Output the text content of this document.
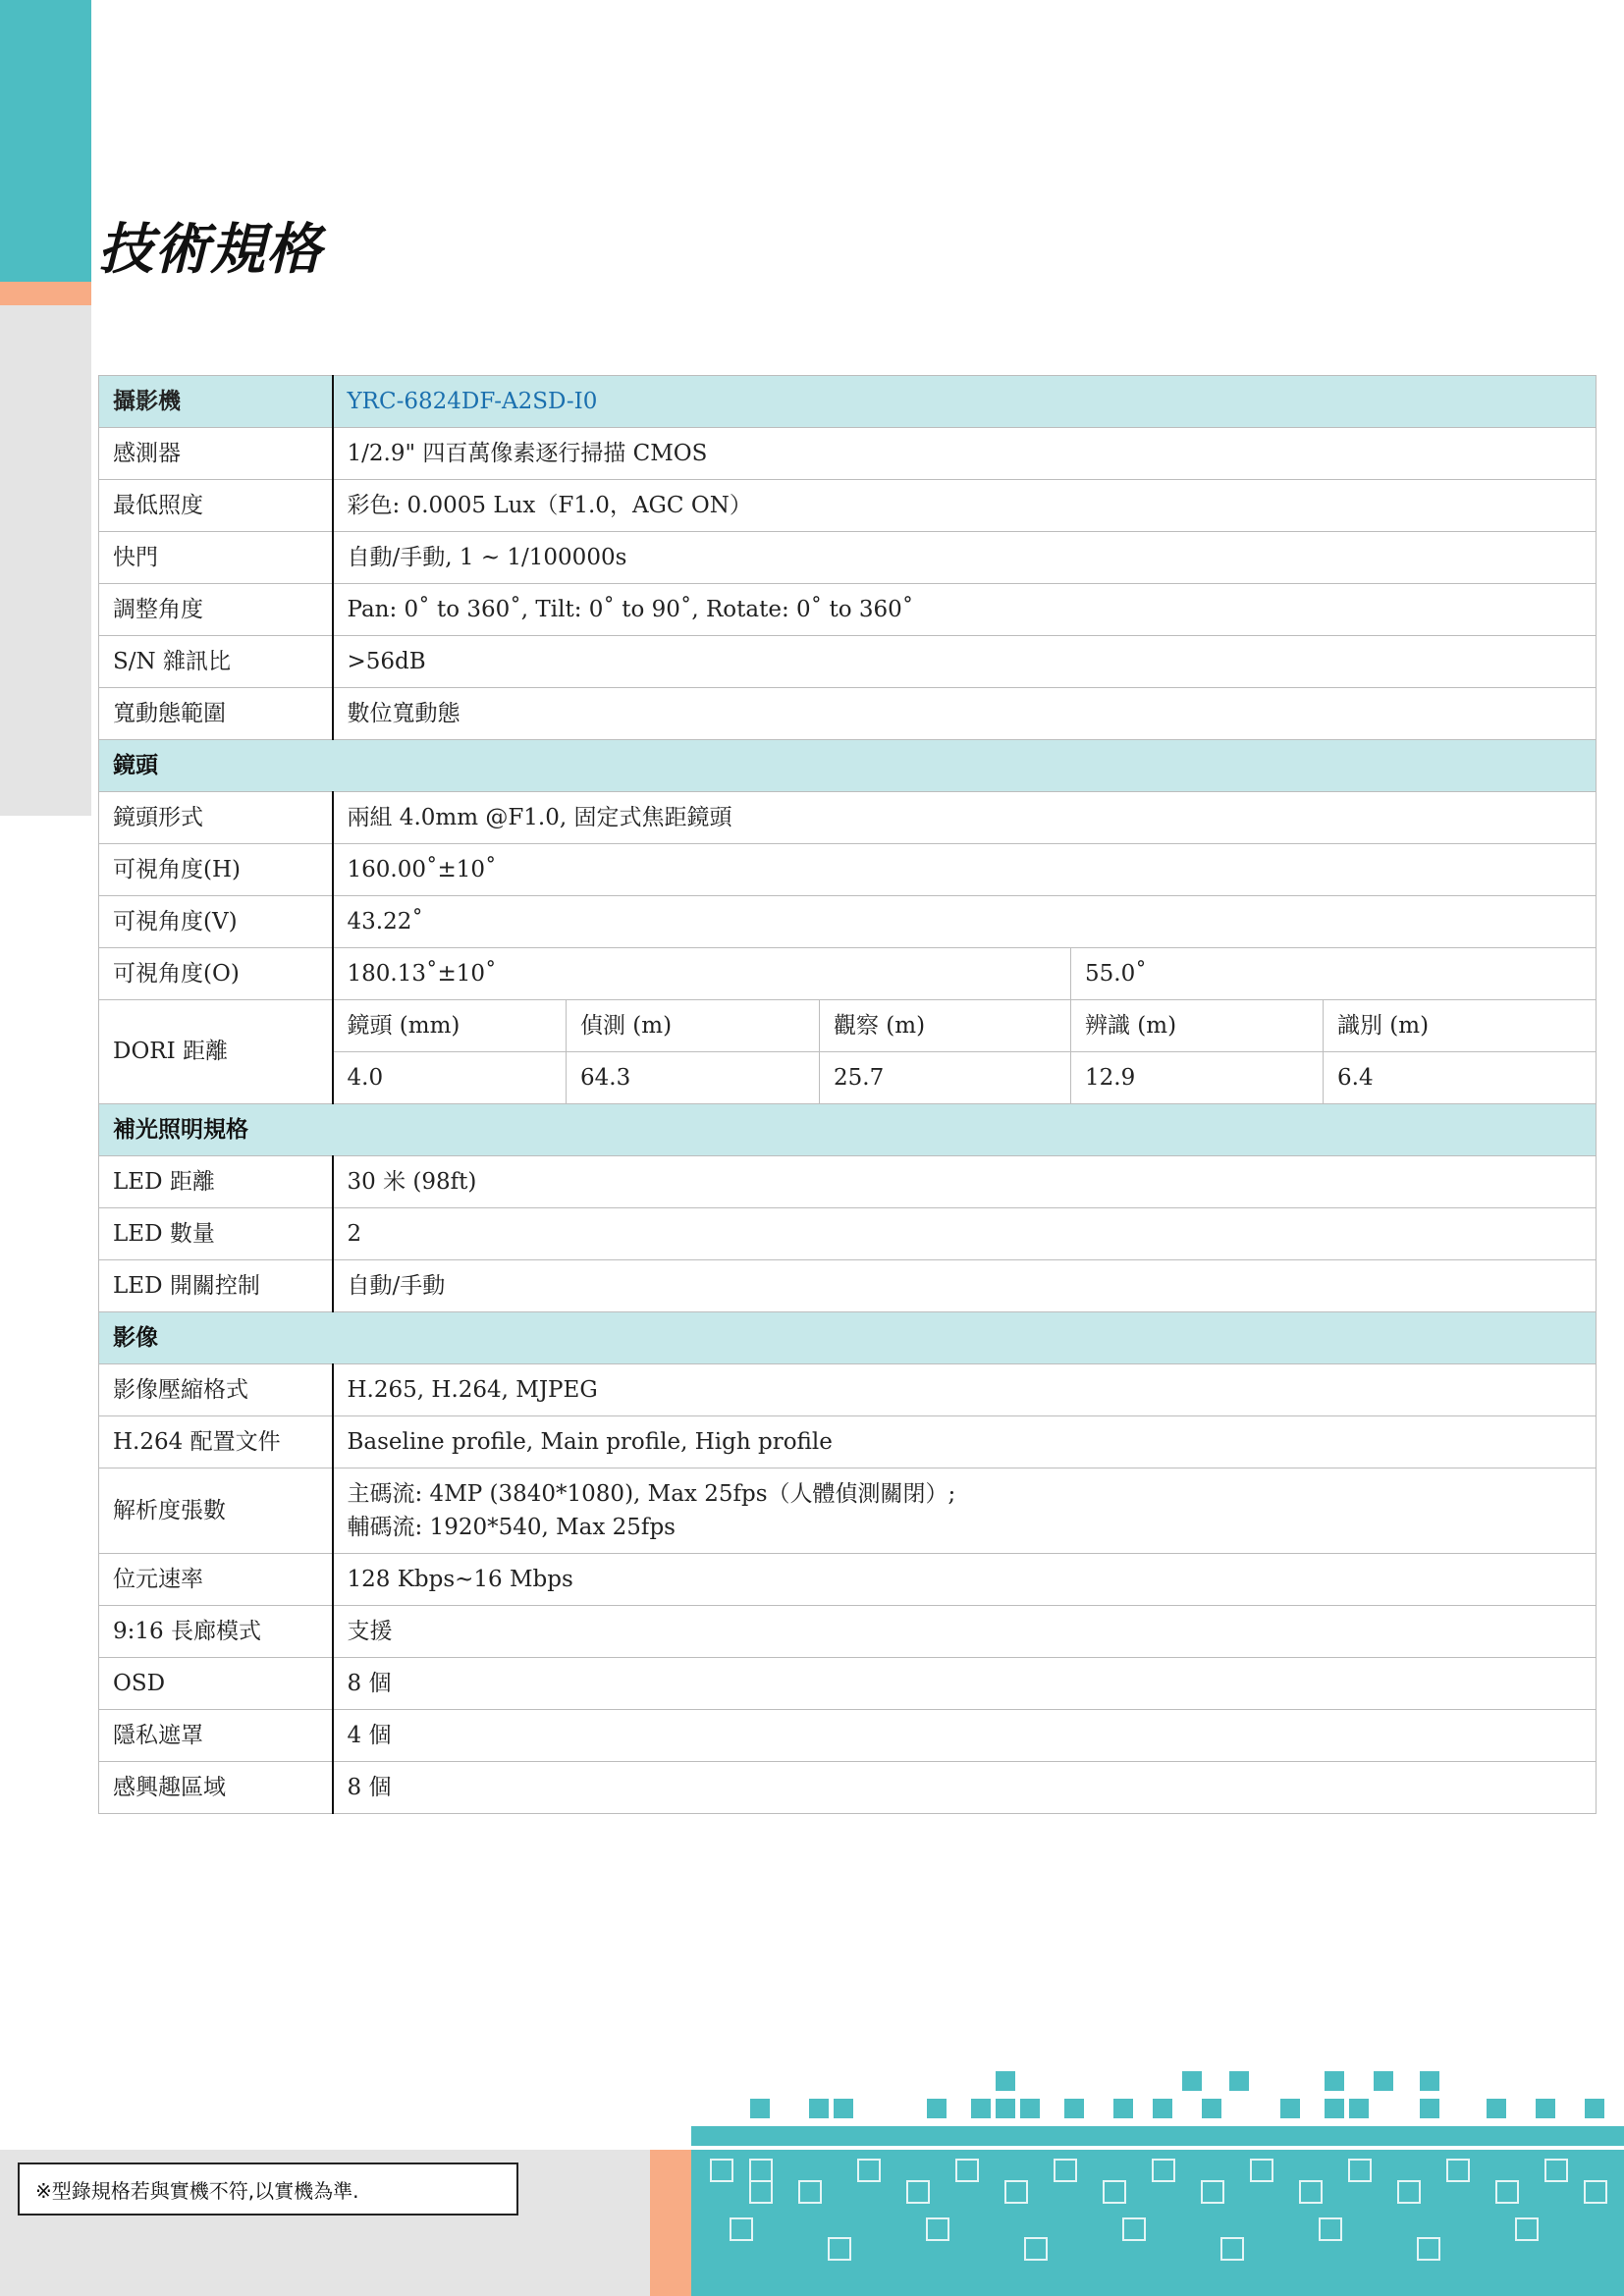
技術規格
攝影機	YRC-6824DF-A2SD-I0				
感測器	1/2.9" 四百萬像素逐行掃描 CMOS				
最低照度	彩色: 0.0005 Lux（F1.0，AGC ON）				
快門	自動/手動, 1 ~ 1/100000s				
調整角度	Pan: 0˚ to 360˚, Tilt: 0˚ to 90˚, Rotate: 0˚ to 360˚				
S/N 雜訊比	>56dB				
寬動態範圍	數位寬動態				
鏡頭					
鏡頭形式	兩組 4.0mm @F1.0, 固定式焦距鏡頭				
可視角度(H)	160.00˚±10˚				
可視角度(V)	43.22˚				
可視角度(O)	180.13˚±10˚			55.0˚	
DORI 距離	鏡頭 (mm)	偵測 (m)	觀察 (m)	辨識 (m)	識別 (m)
	4.0	64.3	25.7	12.9	6.4
補光照明規格					
LED 距離	30 米 (98ft)				
LED 數量	2				
LED 開關控制	自動/手動				
影像					
影像壓縮格式	H.265, H.264, MJPEG				
H.264 配置文件	Baseline profile, Main profile, High profile				
解析度張數	主碼流: 4MP (3840*1080), Max 25fps（人體偵測關閉）;
輔碼流: 1920*540, Max 25fps				

位元速率	128 Kbps~16 Mbps				
9:16 長廊模式	支援				
OSD	8 個				
隱私遮罩	4 個				
感興趣區域	8 個				
※型錄規格若與實機不符,以實機為準.
